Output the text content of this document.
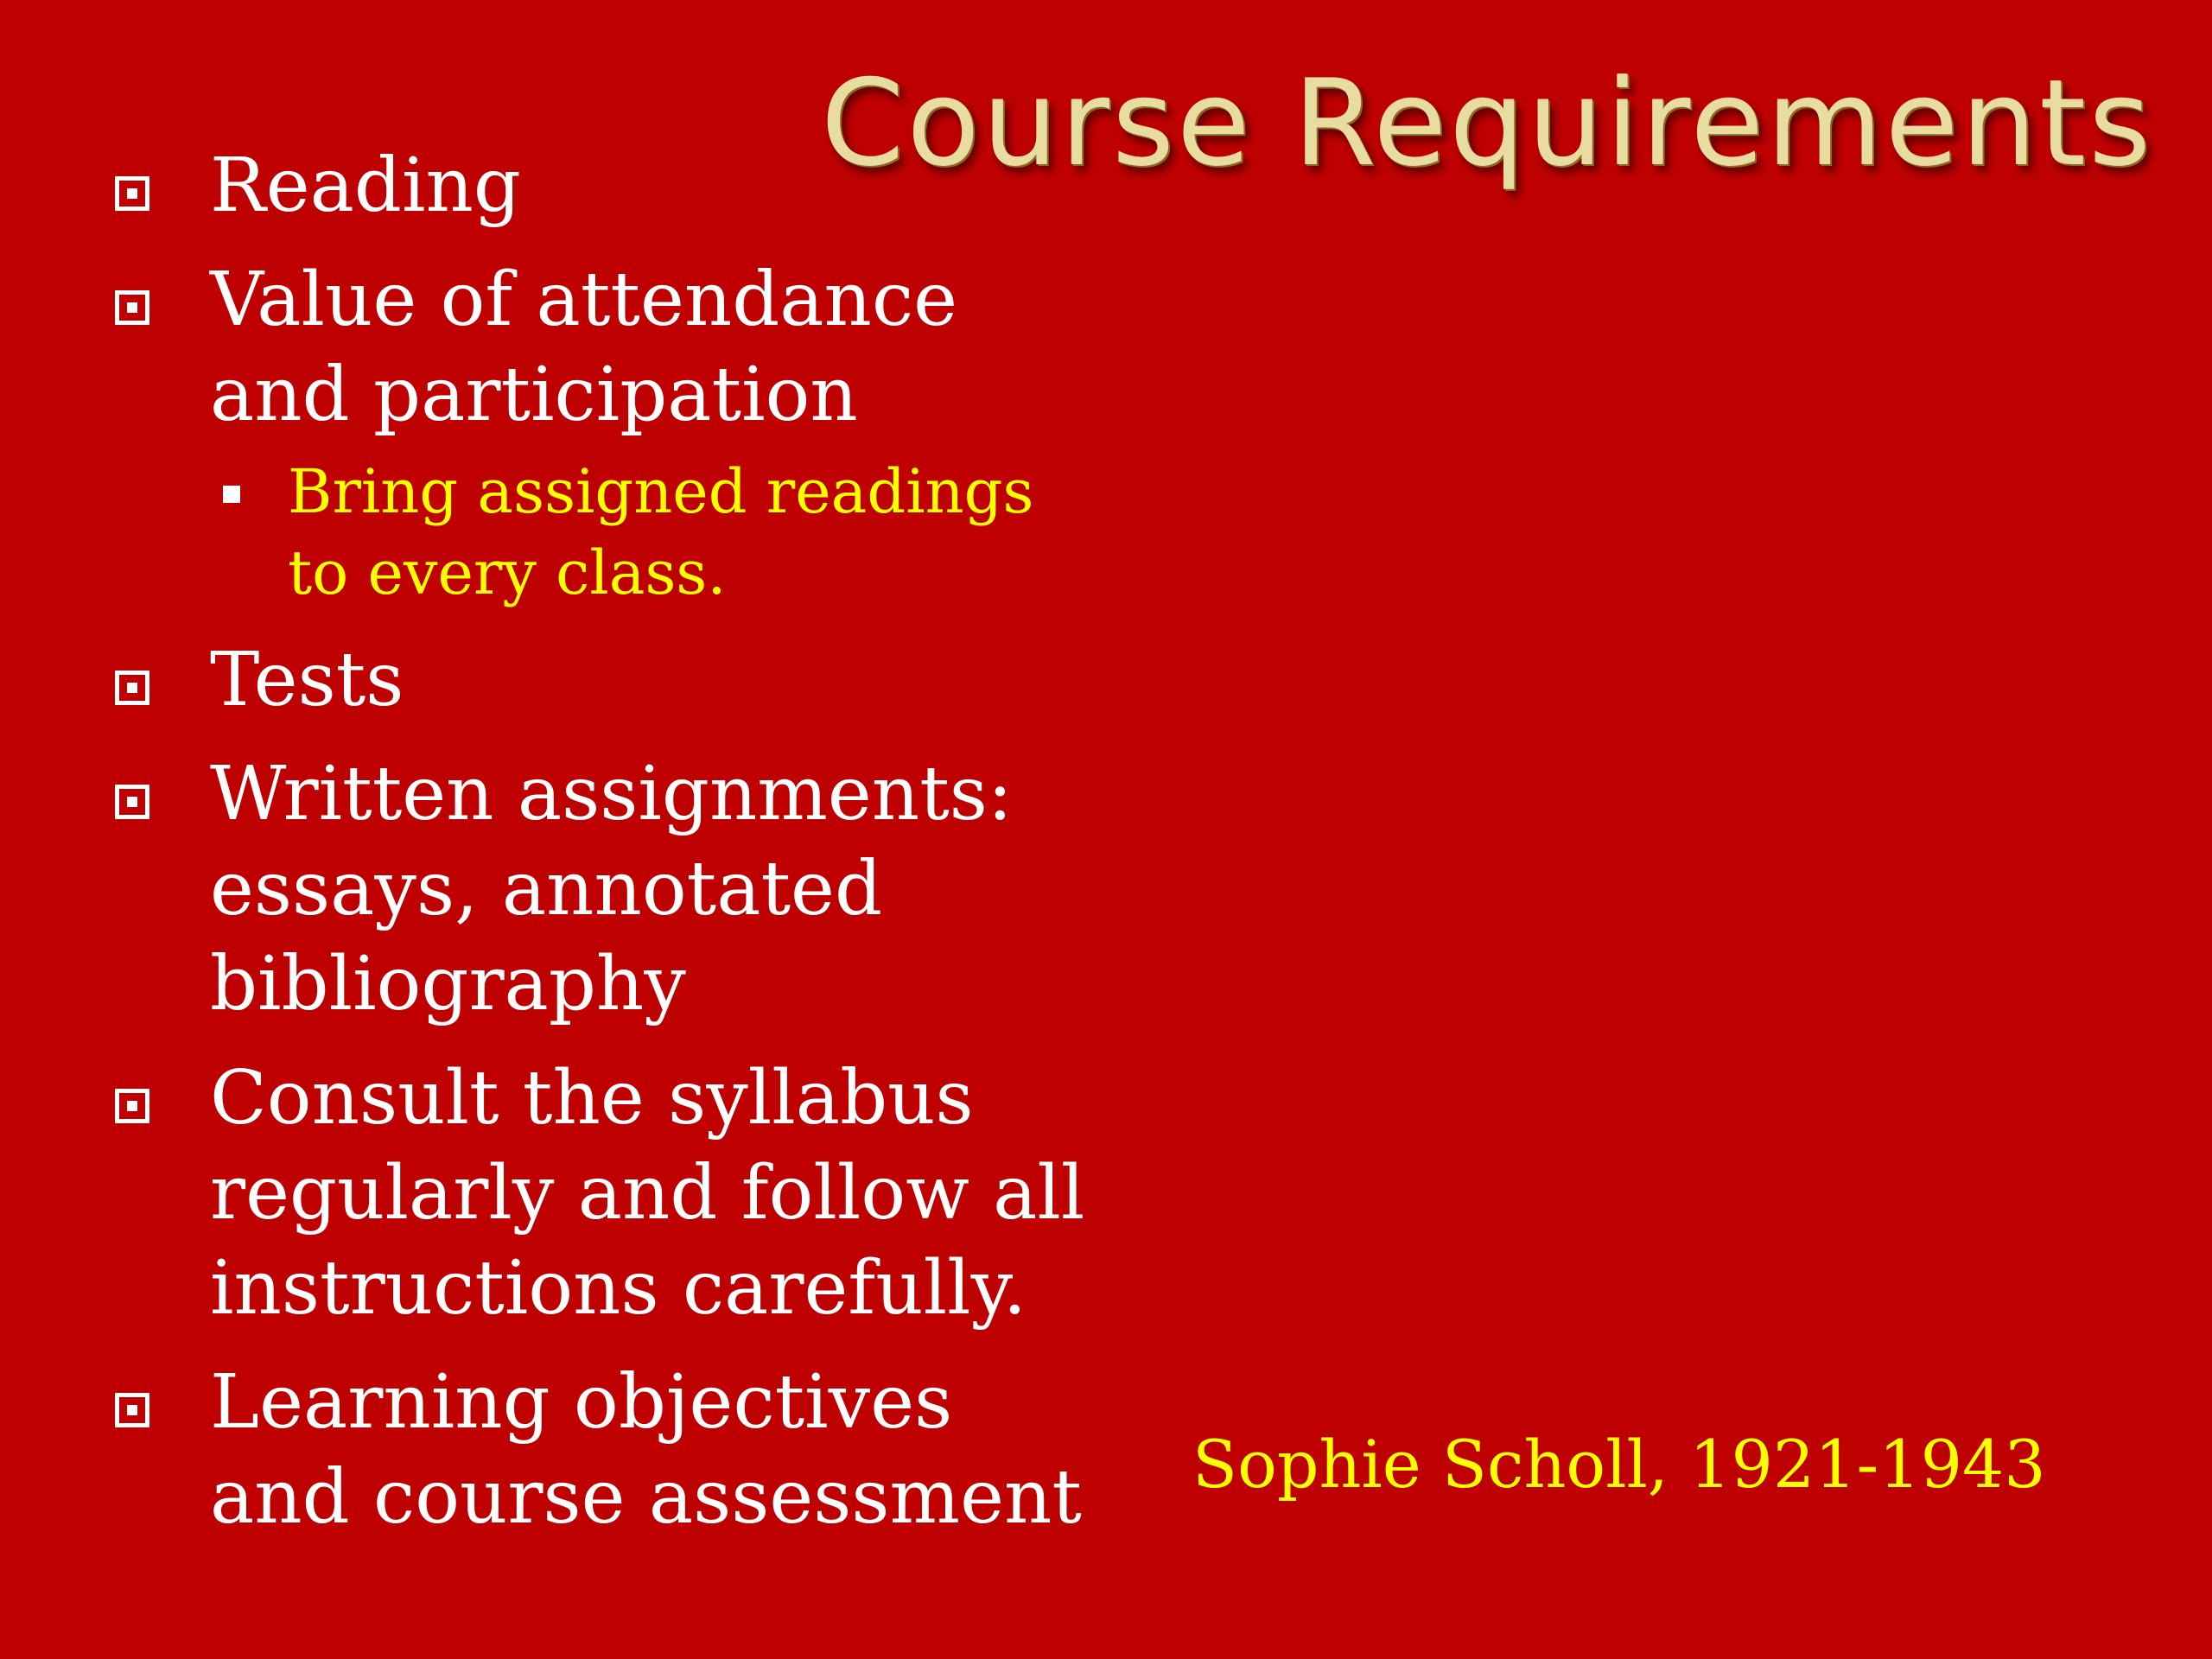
Course Requirements
Reading
Value of attendance and participation
Bring assigned readings to every class.
Tests
Written assignments: essays, annotated bibliography
Consult the syllabus regularly and follow all instructions carefully.
Learning objectives and course assessment Sophie Scholl, 1921-1943
